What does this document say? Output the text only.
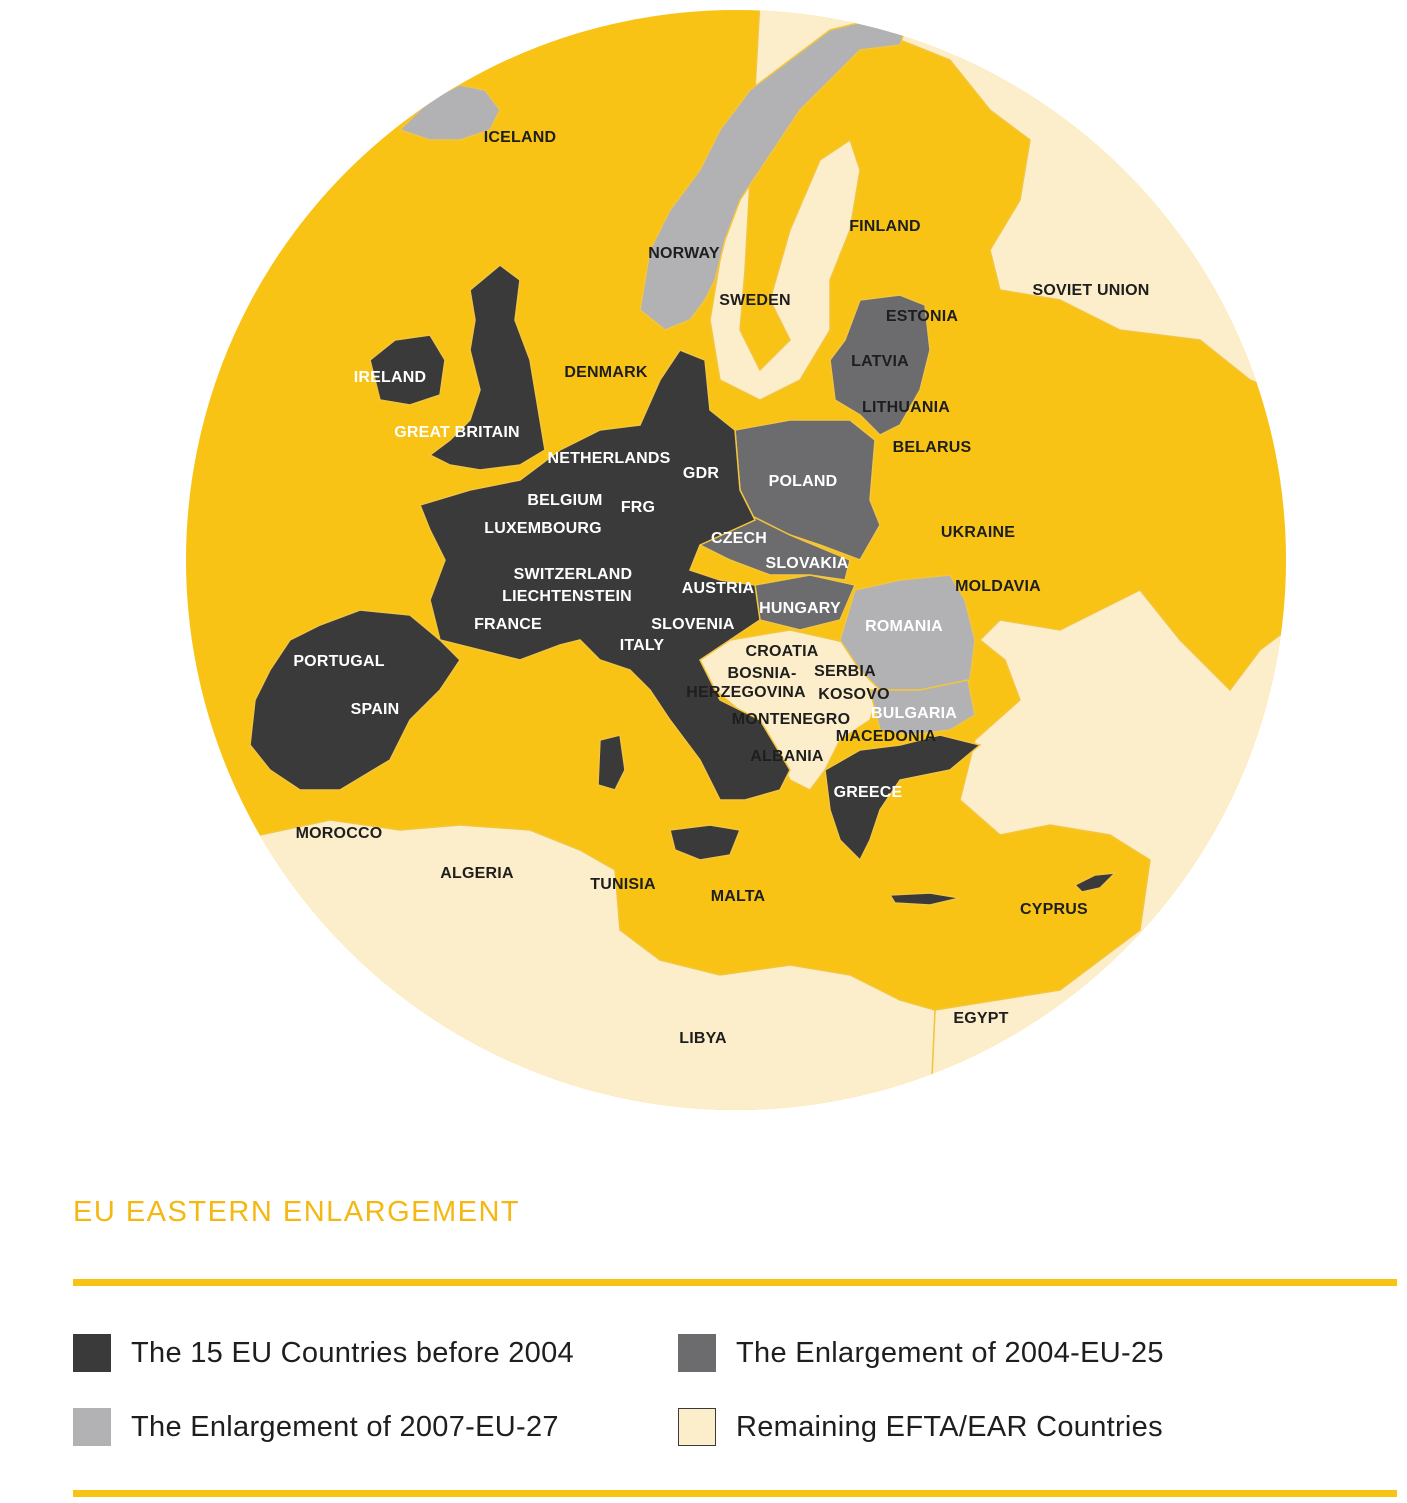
ICELAND
NORWAY
FINLAND
SWEDEN
SOVIET UNION
ESTONIA
LATVIA
LITHUANIA
BELARUS
IRELAND	DENMARK
GREAT BRITAIN
NETHERLANDS
GDR	POLAND
BELGIUM FRG
LUXEMBOURG
CZECH	UKRAINE
SLOVAKIA
SWITZERLAND
AUSTRIA	MOLDAVIA
LIECHTENSTEIN
HUNGARY
FRANCE	SLOVENIA	ROMANIA
ITALY	CROATIA
PORTUGAL
BOSNIA- SERBIA
HERZEGOVINA KOSOVO
SPAIN	BULGARIA
MONTENEGRO
MACEDONIA
ALBANIA
GREECE
MOROCCO
ALGERIA
TUNISIA
MALTA
CYPRUS
EGYPT
LIBYA
EU EASTERN ENLARGEMENT
The 15 EU Countries before 2004	The Enlargement of 2004-EU-25
The Enlargement of 2007-EU-27	Remaining EFTA/EAR Countries
